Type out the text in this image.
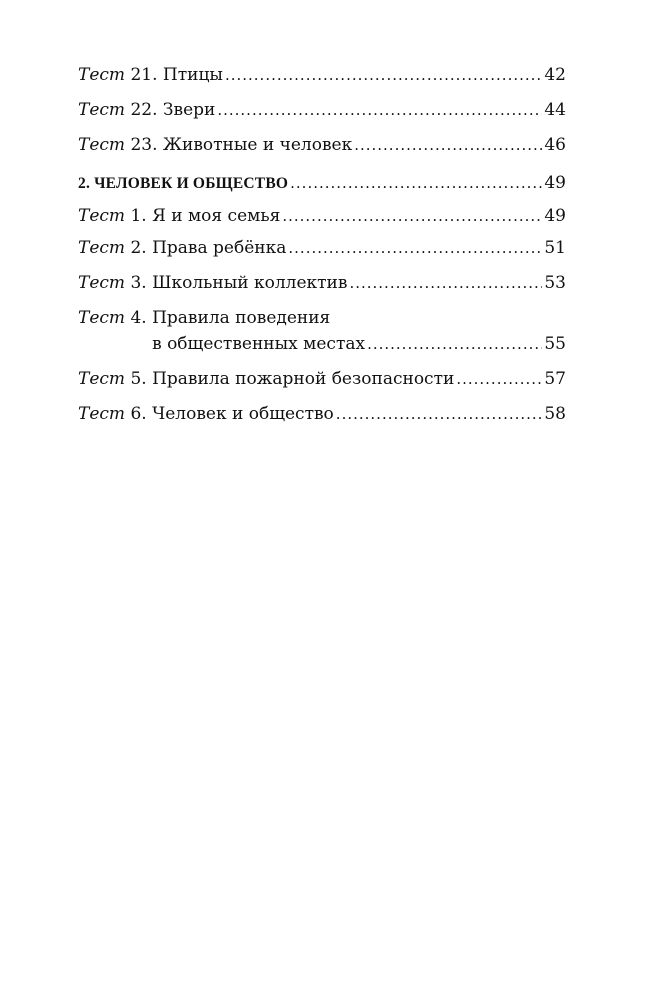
Тест 21. Птицы .....	42
Тест 22. Звери .....	44
Тест 23. Животные и человек .....	46
2. ЧЕЛОВЕК И ОБЩЕСТВО .....	49
Тест 1. Я и моя семья .....	49
Тест 2. Права ребёнка .....	51
Тест 3. Школьный коллектив .....	53
Тест 4. Правила поведения
в общественных местах .....	55
Тест 5. Правила пожарной безопасности .....	57
Тест 6. Человек и общество .....	58
